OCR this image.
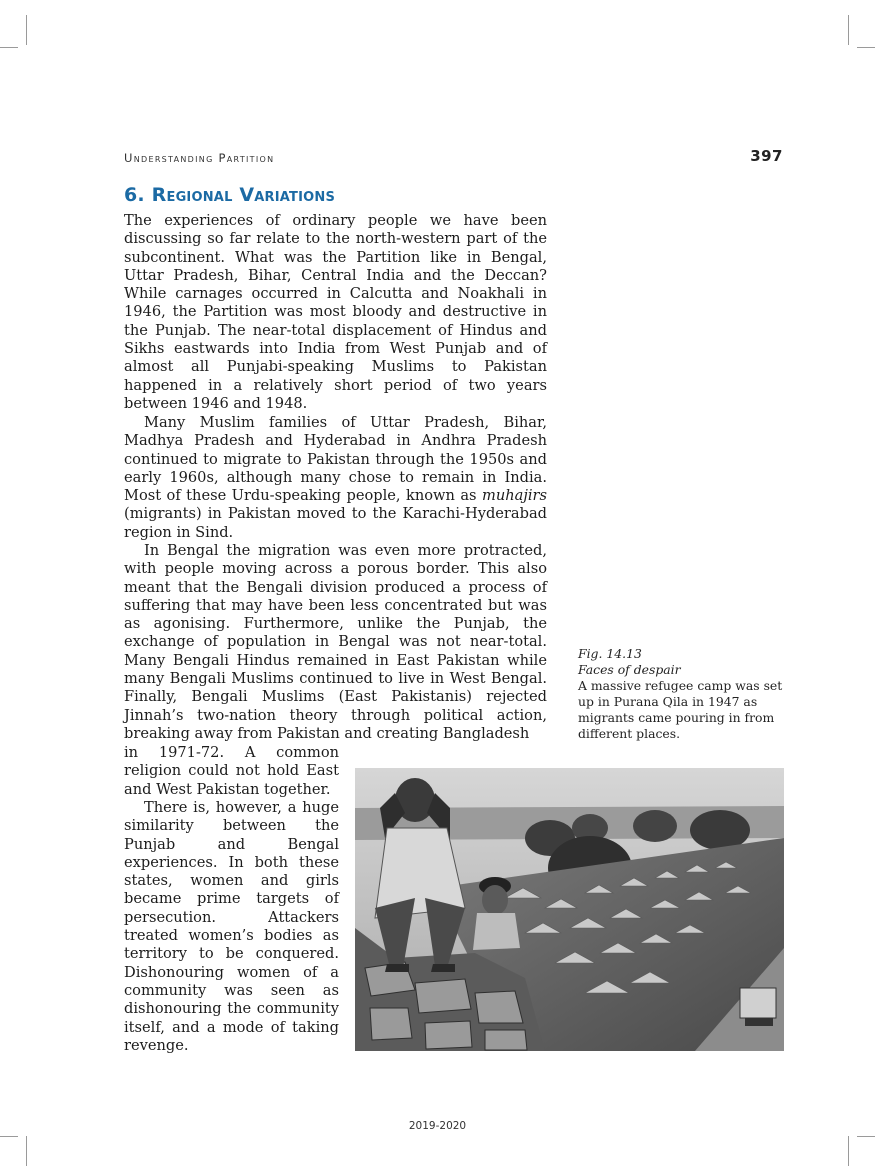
Understanding Partition	397
6. Regional Variations

The experiences of ordinary people we have been discussing so far relate to the north-western part of the subcontinent. What was the Partition like in Bengal, Uttar Pradesh, Bihar, Central India and the Deccan? While carnages occurred in Calcutta and Noakhali in 1946, the Partition was most bloody and destructive in the Punjab. The near-total displacement of Hindus and Sikhs eastwards into India from West Punjab and of almost all Punjabi-speaking Muslims to Pakistan happened in a relatively short period of two years between 1946 and 1948.

Many Muslim families of Uttar Pradesh, Bihar, Madhya Pradesh and Hyderabad in Andhra Pradesh continued to migrate to Pakistan through the 1950s and early 1960s, although many chose to remain in India. Most of these Urdu-speaking people, known as muhajirs (migrants) in Pakistan moved to the Karachi-Hyderabad region in Sind.

In Bengal the migration was even more protracted, with people moving across a porous border. This also meant that the Bengali division produced a process of suffering that may have been less concentrated but was as agonising. Furthermore, unlike the Punjab, the exchange of population in Bengal was not near-total. Many Bengali Hindus remained in East Pakistan while many Bengali Muslims continued to live in West Bengal. Finally, Bengali Muslims (East Pakistanis) rejected Jinnah’s two-nation theory through political action, breaking away from Pakistan and creating Bangladesh

in 1971-72. A common religion could not hold East and West Pakistan together.

There is, however, a huge similarity between the Punjab and Bengal experiences. In both these states, women and girls became prime targets of persecution. Attackers treated women’s bodies as territory to be conquered. Dishonouring women of a community was seen as dishonouring the community itself, and a mode of taking revenge.

Fig. 14.13
Faces of despair
A massive refugee camp was set up in Purana Qila in 1947 as migrants came pouring in from different places.
2019-2020
